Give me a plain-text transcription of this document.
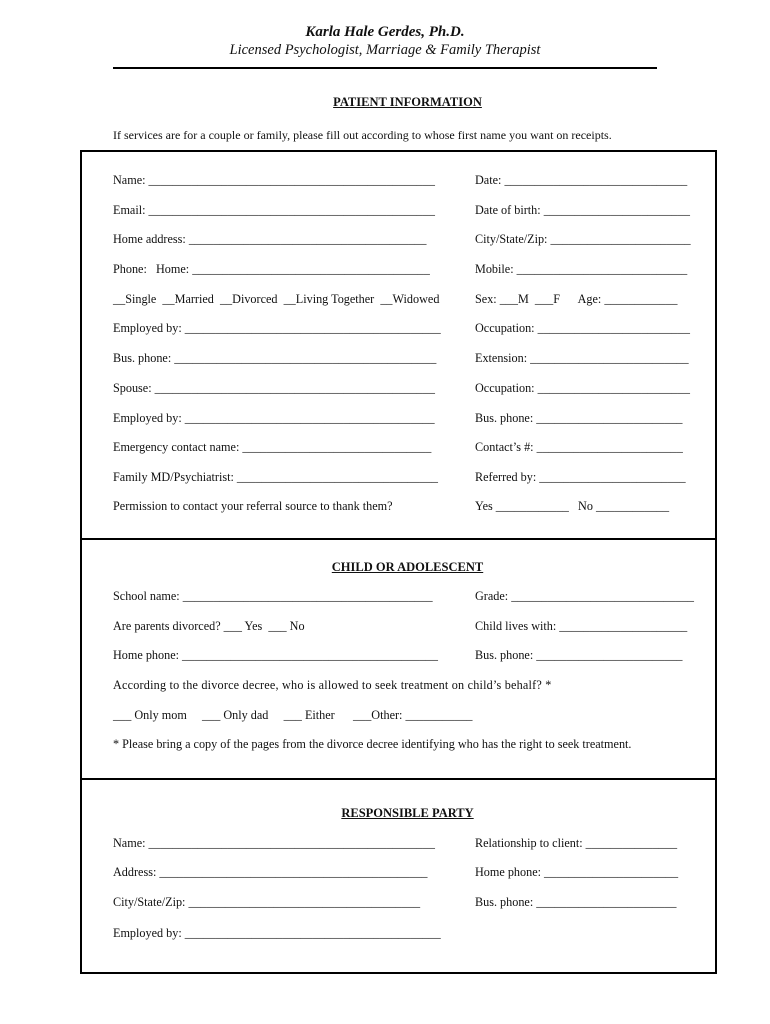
Karla Hale Gerdes, Ph.D.
Licensed Psychologist, Marriage & Family Therapist
PATIENT INFORMATION
If services are for a couple or family, please fill out according to whose first name you want on receipts.
Name: _______________________________________________	Date: ______________________________
Email: _______________________________________________	Date of birth: ________________________
Home address: _______________________________________	City/State/Zip: _______________________
Phone:   Home: _______________________________________	Mobile: ____________________________
__Single  __Married  __Divorced  __Living Together  __Widowed	Sex: ___M  ___F      Age: ____________
Employed by: __________________________________________	Occupation: _________________________
Bus. phone: ___________________________________________	Extension: __________________________
Spouse: ______________________________________________	Occupation: _________________________
Employed by: _________________________________________	Bus. phone: ________________________
Emergency contact name: _______________________________	Contact’s #: ________________________
Family MD/Psychiatrist: _________________________________	Referred by: ________________________
Permission to contact your referral source to thank them?	Yes ____________   No ____________
CHILD OR ADOLESCENT
School name: _________________________________________	Grade: ______________________________
Are parents divorced? ___ Yes  ___ No	Child lives with: _____________________
Home phone: __________________________________________	Bus. phone: ________________________
According to the divorce decree, who is allowed to seek treatment on child’s behalf? *
___ Only mom     ___ Only dad     ___ Either      ___Other: ___________
* Please bring a copy of the pages from the divorce decree identifying who has the right to seek treatment.
RESPONSIBLE PARTY
Name: _______________________________________________	Relationship to client: _______________
Address: ____________________________________________	Home phone: ______________________
City/State/Zip: ______________________________________	Bus. phone: _______________________
Employed by: __________________________________________
